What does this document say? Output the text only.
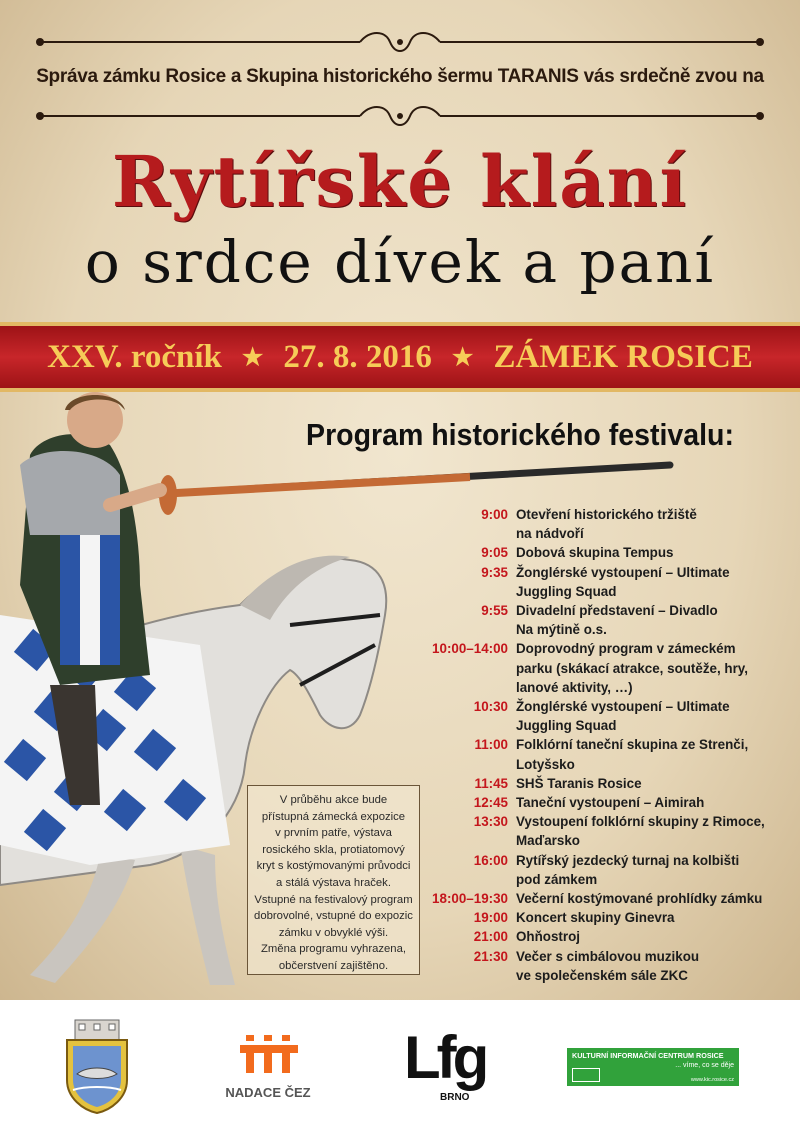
Správa zámku Rosice a Skupina historického šermu TARANIS vás srdečně zvou na
Rytířské klání
o srdce dívek a paní
XXV. ročník ★ 27. 8. 2016 ★ ZÁMEK ROSICE
Program historického festivalu:
9:00 Otevření historického tržiště
na nádvoří
9:05 Dobová skupina Tempus
9:35 Žonglérské vystoupení – Ultimate
Juggling Squad
9:55 Divadelní představení – Divadlo
Na mýtině o.s.
10:00–14:00 Doprovodný program v zámeckém
parku (skákací atrakce, soutěže, hry,
lanové aktivity, …)
10:30 Žonglérské vystoupení – Ultimate
Juggling Squad
11:00 Folklórní taneční skupina ze Strenči,
Lotyšsko
11:45 SHŠ Taranis Rosice
12:45 Taneční vystoupení – Aimirah
13:30 Vystoupení folklórní skupiny z Rimoce,
Maďarsko
16:00 Rytířský jezdecký turnaj na kolbišti
pod zámkem
18:00–19:30 Večerní kostýmované prohlídky zámku
19:00 Koncert skupiny Ginevra
21:00 Ohňostroj
21:30 Večer s cimbálovou muzikou
ve společenském sále ZKC
V průběhu akce bude
přístupná zámecká expozice
v prvním patře, výstava
rosického skla, protiatomový
kryt s kostýmovanými průvodci
a stálá výstava hraček.
Vstupné na festivalový program
dobrovolné, vstupné do expozic
zámku v obvyklé výši.
Změna programu vyhrazena,
občerstvení zajištěno.
NADACE ČEZ
Lfg
BRNO
KULTURNÍ INFORMAČNÍ CENTRUM ROSICE
... víme, co se děje
www.kic.rosice.cz
